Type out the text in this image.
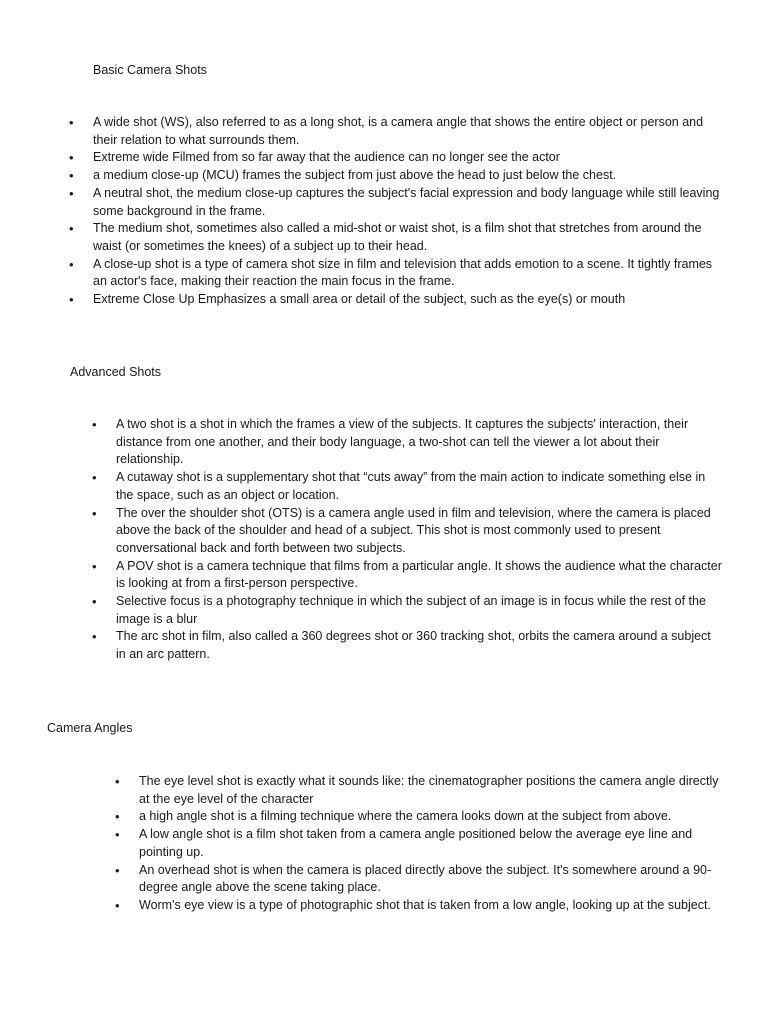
Basic Camera Shots
• A wide shot (WS), also referred to as a long shot, is a camera angle that shows the entire object or person and their relation to what surrounds them.
• Extreme wide Filmed from so far away that the audience can no longer see the actor
• a medium close-up (MCU) frames the subject from just above the head to just below the chest.
• A neutral shot, the medium close-up captures the subject's facial expression and body language while still leaving some background in the frame.
• The medium shot, sometimes also called a mid-shot or waist shot, is a film shot that stretches from around the waist (or sometimes the knees) of a subject up to their head.
• A close-up shot is a type of camera shot size in film and television that adds emotion to a scene. It tightly frames an actor's face, making their reaction the main focus in the frame.
• Extreme Close Up Emphasizes a small area or detail of the subject, such as the eye(s) or mouth
Advanced Shots
• A two shot is a shot in which the frames a view of the subjects. It captures the subjects' interaction, their distance from one another, and their body language, a two-shot can tell the viewer a lot about their relationship.
• A cutaway shot is a supplementary shot that “cuts away” from the main action to indicate something else in the space, such as an object or location.
• The over the shoulder shot (OTS) is a camera angle used in film and television, where the camera is placed above the back of the shoulder and head of a subject. This shot is most commonly used to present conversational back and forth between two subjects.
• A POV shot is a camera technique that films from a particular angle. It shows the audience what the character is looking at from a first-person perspective.
• Selective focus is a photography technique in which the subject of an image is in focus while the rest of the image is a blur
• The arc shot in film, also called a 360 degrees shot or 360 tracking shot, orbits the camera around a subject in an arc pattern.
Camera Angles
• The eye level shot is exactly what it sounds like: the cinematographer positions the camera angle directly at the eye level of the character
• a high angle shot is a filming technique where the camera looks down at the subject from above.
• A low angle shot is a film shot taken from a camera angle positioned below the average eye line and pointing up.
• An overhead shot is when the camera is placed directly above the subject. It's somewhere around a 90-degree angle above the scene taking place.
• Worm's eye view is a type of photographic shot that is taken from a low angle, looking up at the subject.
